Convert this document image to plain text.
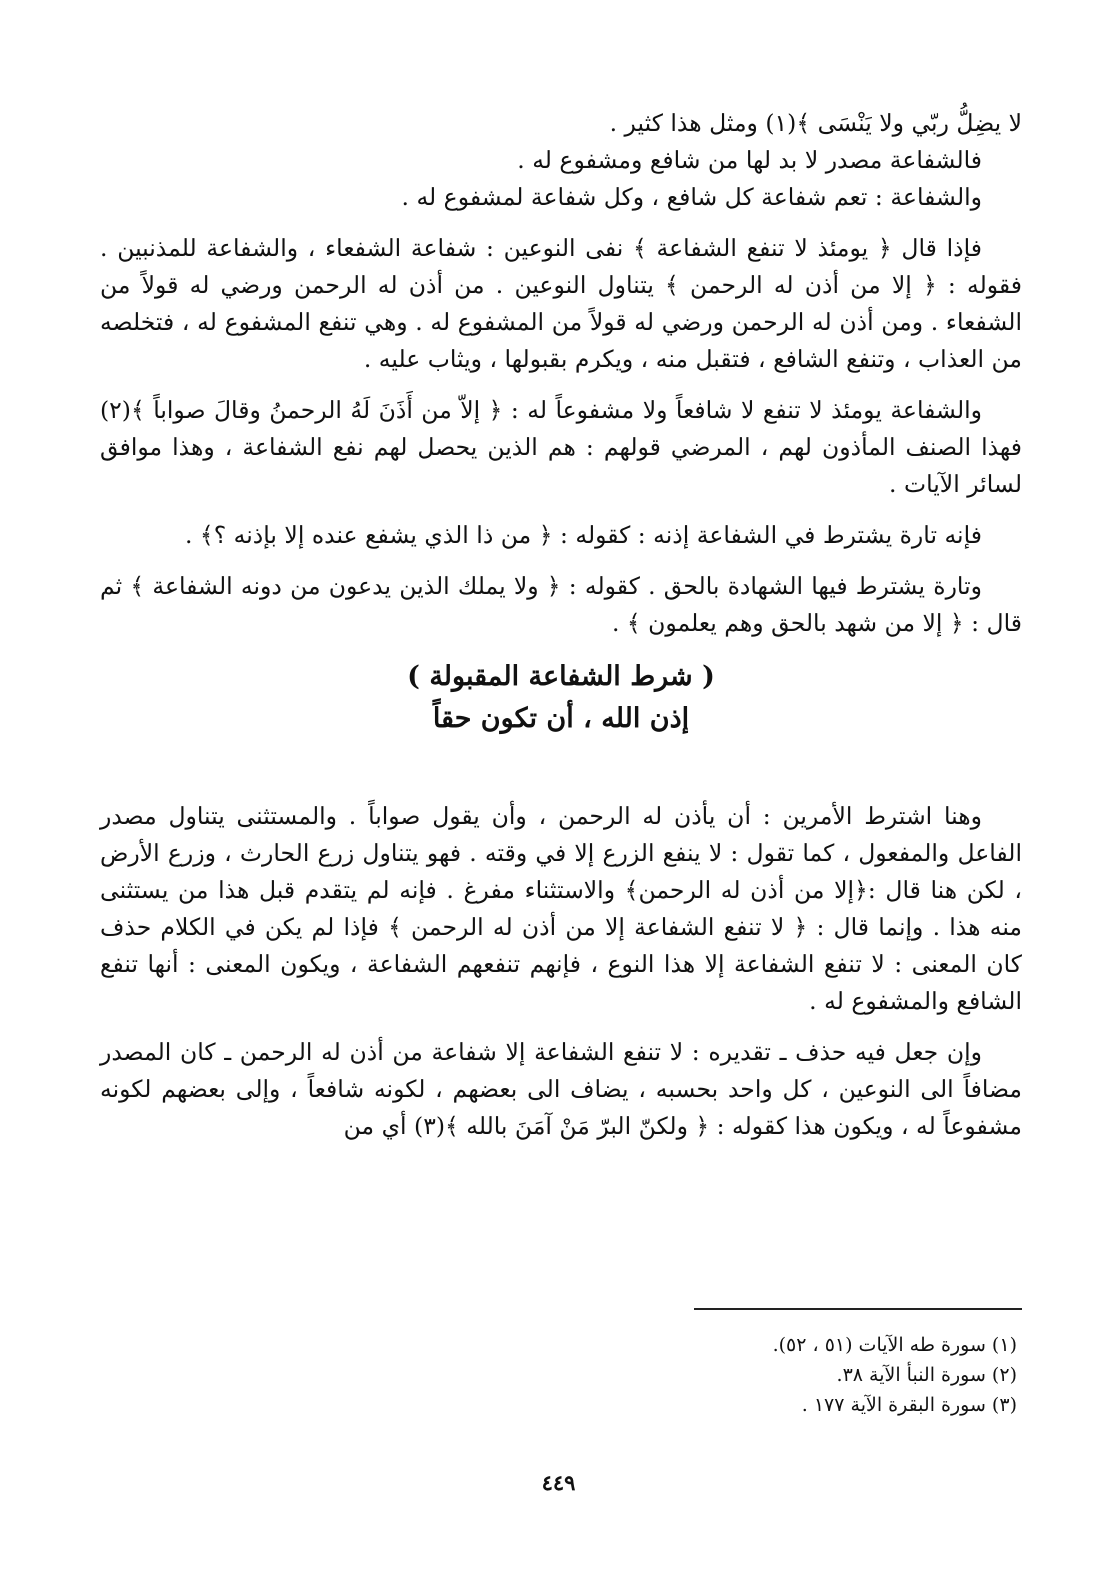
لا يضِلُّ ربّي ولا يَنْسَى ﴾(١) ومثل هذا كثير .

فالشفاعة مصدر لا بد لها من شافع ومشفوع له .

والشفاعة : تعم شفاعة كل شافع ، وكل شفاعة لمشفوع له .

فإذا قال ﴿ يومئذ لا تنفع الشفاعة ﴾ نفى النوعين : شفاعة الشفعاء ، والشفاعة للمذنبين . فقوله : ﴿ إلا من أذن له الرحمن ﴾ يتناول النوعين . من أذن له الرحمن ورضي له قولاً من الشفعاء . ومن أذن له الرحمن ورضي له قولاً من المشفوع له . وهي تنفع المشفوع له ، فتخلصه من العذاب ، وتنفع الشافع ، فتقبل منه ، ويكرم بقبولها ، ويثاب عليه .

والشفاعة يومئذ لا تنفع لا شافعاً ولا مشفوعاً له : ﴿ إلاّ من أَذَنَ لَهُ الرحمنُ وقالَ صواباً ﴾(٢) فهذا الصنف المأذون لهم ، المرضي قولهم : هم الذين يحصل لهم نفع الشفاعة ، وهذا موافق لسائر الآيات .

فإنه تارة يشترط في الشفاعة إذنه : كقوله : ﴿ من ذا الذي يشفع عنده إلا بإذنه ؟﴾ .

وتارة يشترط فيها الشهادة بالحق . كقوله : ﴿ ولا يملك الذين يدعون من دونه الشفاعة ﴾ ثم قال : ﴿ إلا من شهد بالحق وهم يعلمون ﴾ .

( شرط الشفاعة المقبولة )
إذن الله ، أن تكون حقاً

وهنا اشترط الأمرين : أن يأذن له الرحمن ، وأن يقول صواباً . والمستثنى يتناول مصدر الفاعل والمفعول ، كما تقول : لا ينفع الزرع إلا في وقته . فهو يتناول زرع الحارث ، وزرع الأرض ، لكن هنا قال :﴿إلا من أذن له الرحمن﴾ والاستثناء مفرغ . فإنه لم يتقدم قبل هذا من يستثنى منه هذا . وإنما قال : ﴿ لا تنفع الشفاعة إلا من أذن له الرحمن ﴾ فإذا لم يكن في الكلام حذف كان المعنى : لا تنفع الشفاعة إلا هذا النوع ، فإنهم تنفعهم الشفاعة ، ويكون المعنى : أنها تنفع الشافع والمشفوع له .

وإن جعل فيه حذف ـ تقديره : لا تنفع الشفاعة إلا شفاعة من أذن له الرحمن ـ كان المصدر مضافاً الى النوعين ، كل واحد بحسبه ، يضاف الى بعضهم ، لكونه شافعاً ، وإلى بعضهم لكونه مشفوعاً له ، ويكون هذا كقوله : ﴿ ولكنّ البرّ مَنْ آمَنَ بالله ﴾(٣) أي من

(١) سورة طه الآيات (٥١ ، ٥٢).
(٢) سورة النبأ الآية ٣٨.
(٣) سورة البقرة الآية ١٧٧ .
٤٤٩
